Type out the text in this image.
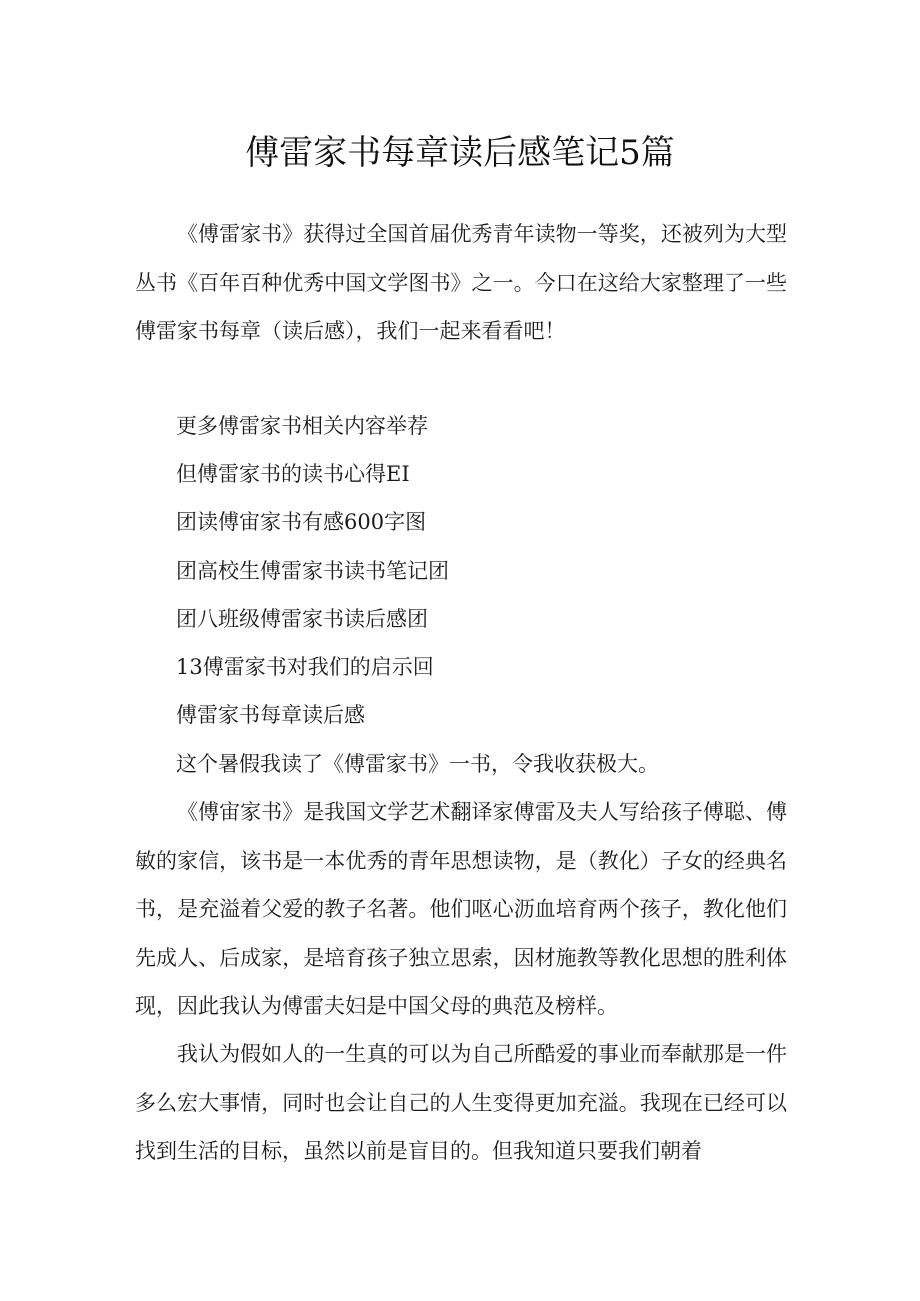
傅雷家书每章读后感笔记5篇

《傅雷家书》获得过全国首届优秀青年读物一等奖，还被列为大型丛书《百年百种优秀中国文学图书》之一。今口在这给大家整理了一些傅雷家书每章（读后感），我们一起来看看吧！

更多傅雷家书相关内容举荐
但傅雷家书的读书心得EI
团读傅宙家书有感600字图
团高校生傅雷家书读书笔记团
团八班级傅雷家书读后感团
13傅雷家书对我们的启示回
傅雷家书每章读后感
这个暑假我读了《傅雷家书》一书，令我收获极大。

《傅宙家书》是我国文学艺术翻译家傅雷及夫人写给孩子傅聪、傅敏的家信，该书是一本优秀的青年思想读物，是（教化）子女的经典名书，是充溢着父爱的教子名著。他们呕心沥血培育两个孩子，教化他们先成人、后成家，是培育孩子独立思索，因材施教等教化思想的胜利体现，因此我认为傅雷夫妇是中国父母的典范及榜样。

我认为假如人的一生真的可以为自己所酷爱的事业而奉献那是一件多么宏大事情，同时也会让自己的人生变得更加充溢。我现在已经可以找到生活的目标，虽然以前是盲目的。但我知道只要我们朝着
